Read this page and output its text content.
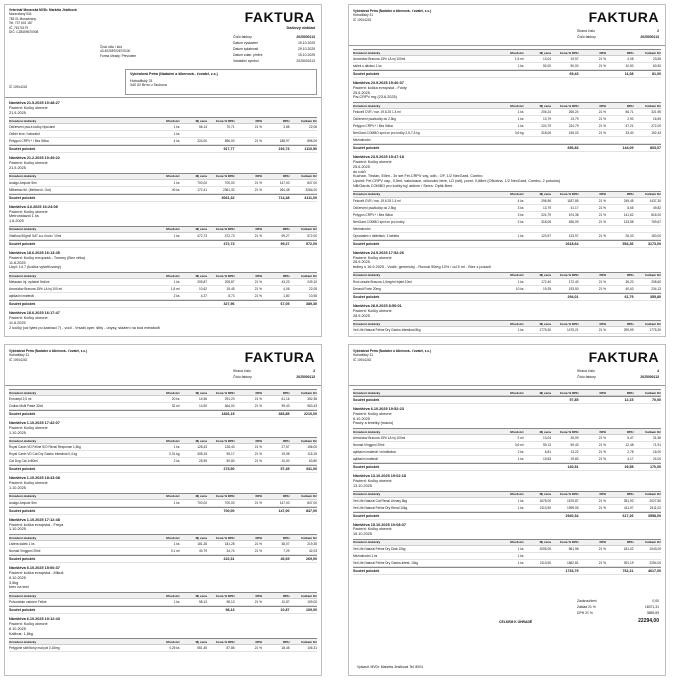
Veterinář Moravská MVDr. Markéta Jiráčková
Moravičany 534
783 01 Moravičany
Tel: 737 601 187
IČ: 76170179
DIČ: CZ8459670008
Číslo účtu / kód
43-4025870267/0100
Forma úhrady: Převodem
FAKTURA
Daňový doklad
Číslo faktury	2025000113
Datum vystavení	15.10.2025
Datum splatnosti	29.10.2025
Datum zdan. plnění	15.10.2025
Variabilní symbol	2025000113
Vybíralová Petra (Nadační a šibenová.. ťovatel, z.s.)
Hobodilský 31
340 02 Brno u Tachova
IČ 10914242
Návštěva 21.5.2025 10:48:27
Pacient: Kočky obecné
21.5.2025
Označení dodávky	Množství	Mj cena	Cena % DPH	DPH	DPH	Celkem Kč
Odčervení psa a kočky čipované	1 ks	56,14	70,71	21 %	3,85	22,06
Odběr krve / laboratoř	1 ks
Pelygon CRPV+ / Bez lůžka	4 ks	224,00	896,00	21 %	188,97	896,00
Součet položek	917,77	192,73	1110,50
Návštěva 21.2.2025 10:49:22
Pacient: Kočky obecné
21.5.2025
Označení dodávky	Množství	Mj cena	Cena % DPH	DPH	DPH	Celkem Kč
Analgo Ampule 5ml	1 ks	700,00	700,00	21 %	147,00	847,00
Milbemax tbl. (Mellow ki. Out)	40 ks	172,41	2361,32	21 %	264,48	3264,00
Součet položek	3061,32	714,48	4111,00
Návštěva 4.6.2025 16:24:08
Pacient: Kočky obecné
Metronidazol 1 ks
1.6.2025
Označení dodávky	Množství	Mj cena	Cena % DPH	DPH	DPH	Celkem Kč
Vitaflora 50gm/l SAT a.s.i bola / 10ml	1 ks	472,73	472,73	21 %	99,27	572,00
Součet položek	472,73	99,27	572,00
Návštěva 18.6.2025 16:13:45
Pacient: Kočky evropská - Tommy (Bez věku)
11.6.2025
Ucpl: 14.7 (kočka vyšetřovaný)
Označení dodávky	Množství	Mj cena	Cena % DPH	DPH	DPH	Celkem Kč
Metacam inj. vydatné 5ml/ml	1 ks	205,87	205,87	21 %	43,23	249,10
Amoxiclav Bravura 15% LA inj 100 ml	1,8 ml	10,62	15,45	21 %	4,06	22,05
aplikační materiál	2 ks	4,37	8,73	21 %	1,80	10,55
Součet položek	327,96	67,05	389,30
Návštěva 18.6.2025 16:17:47
Pacient: Kočky obecné
11.6.2025
2 kočky (od lytes po kastraci 7) - vodí - Vrsabi oper. štíty - únysy, stažení na bod metabolit
Vybíralová Petra (Nadační a šibenová.. ťovatel, z.s.)
Hobodilský 31
IČ 10914242	FAKTURA
Strana číslo	2
Číslo faktury	2025000113
Označení dodávky	Množství	Mj cena	Cena % DPH	DPH	DPH	Celkem Kč
Amoxiclav Bravura 15% LA inj 100ml	1,5 ml	13,04	19,57	21 %	4,08	23,65
sáček s dávkou 1 ks	1 ks	50,00	50,00	21 %	10,50	60,50
Součet položek	69,43	11,08	81,00
Návštěva 23.9.2025 15:40:37
Pacient: kočka evropská - Foxty
25.6.2025
Pal.CRPV mg (23.6.2025)
Označení dodávky	Množství	Mj cena	Cena % DPH	DPH	DPH	Celkem Kč
Felocell CVR / nar. 19.6.25 1.4 ml	1 ks	206,24	265,24	21 %	56,71	321,95
Odčervení psa/kočky do 2.5kg	1 ks	13,79	13,79	21 %	2,90	16,69
Pelygon CRPV+ / Bez lůžka	1 ks	224,79	224,79	21 %	47,21	272,00
NexGard COMBO spot on pro kočky 2,5-7,5 kg	0,6 kg	318,06	159,03	21 %	33,40	192,43
Mezinárodní
Součet položek	656,83	144,09	803,07
Návštěva 23.9.2025 15:47:18
Pacient: Kočky obecné
25.6.2025
do roků
Kuchan, Tristan, Ellen - 3x set Fel.CRPV vay, odb., OF, 1/2 NexGard, Combo
Upoint: Fel.CRPV vay., 0,5ml, vakcinace, očkování bere, LD (wit), pond. 0,68ml (Ofloxina, 1/2 NexGard, Combo, 2 pokulos)
NB/Gards COMBO pro kočky kg' aktivní / Serra. Optik Benr
Označení dodávky	Množství	Mj cena	Cena % DPH	DPH	DPH	Celkem Kč
Felocell CVR / nar. 19.6.25 1.4 ml	4 ks	296,96	1187,85	21 %	249,45	1437,30
Odčervení psa/kočky do 2.5kg	3 ks	13,79	41,17	21 %	8,65	49,82
Pelygon CRPV+ / Bez lůžka	3 ks	224,79	674,38	21 %	141,62	816,00
NexGard COMBO spot on pro kočky	2 ks	318,06	636,09	21 %	133,58	769,67
Mezinárodní
Oprostatex v tabletách, 1 tableta	1 ks	123,97	123,97	21 %	26,03	150,00
Součet položek	2618,64	554,36	3173,00
Návštěva 24.9.2025 17:52:26
Pacient: Kočky obecné
26.9.2025
tedley s 16.9.2025 - Vodič, generický - Roxxal 50mg 10% / od 5 ml - Bixx z pozadí
Označení dodávky	Množství	Mj cena	Cena % DPH	DPH	DPH	Celkem Kč
Roxi-cesale Bravura 1,6mg/ml injekt.10ml	1 ks	172,40	172,40	21 %	36,20	208,60
Dexavit Forte 20mg	10 ks	19,35	193,50	21 %	40,63	234,13
Součet položek	294,01	61,79	355,80
Návštěva 28.9.2025 8:50:01
Pacient: Kočky obecné
28.9.2025
Označení dodávky	Množství	Mj cena	Cena % DPH	DPH	DPH	Celkem Kč
Vet Life Natural Feline Dry Gastro-Intestinal 8kg	1 ks	1775,30	1475,21	21 %	299,99	1775,30
Vybíralová Petra (Nadační a šibenová.. ťovatel, z.s.)
Hobodilský 31
IČ 10914242	FAKTURA
Strana číslo	3
Číslo faktury	2025000113
Označení dodávky	Množství	Mj cena	Cena % DPH	DPH	DPH	Celkem Kč
Enrosept 2,5 ml	20 ks	14,56	291,20	21 %	61,16	352,36
Zodiac Multi Paste 32ml	32 ml	14,50	464,00	21 %	99,43	563,43
Součet položek	1826,15	383,85	2210,00
Návštěva 1.10.2025 17:42:07
Pacient: Kočky obecné
1.10.2025
Označení dodávky	Množství	Mj cena	Cena % DPH	DPH	DPH	Celkem Kč
Royal Canin VD Feline S/O Renal Response 1,5kg	1 ks	128,43	128,43	21 %	27,57	156,00
Royal Canin VD Cat Dry Gastro Intestinal 0,4 kg	0,31 kg	308,15	95,17	21 %	19,98	115,15
Cat Dog Cat 1x80ml	2 ks	25,59	50,80	21 %	10,00	60,80
Součet položek	273,50	57,45	331,00
Návštěva 1.10.2025 18:43:08
Pacient: Kočky obecné
1.10.2025
Označení dodávky	Množství	Mj cena	Cena % DPH	DPH	DPH	Celkem Kč
Analgo Ampule 5ml	1 ks	700,00	700,00	21 %	147,00	847,00
Součet položek	700,00	147,00	847,00
Návštěva 1.10.2025 17:12:48
Pacient: kočka evropská - Freya
1.10.2025
Označení dodávky	Množství	Mj cena	Cena % DPH	DPH	DPH	Celkem Kč
Listera sáček 1 ks	1 ks	181,28	181,28	21 %	38,07	219,35
Nomad Vinggoni 25ml	0,1 ml	40,79	34,74	21 %	7,29	42,03
Součet položek	222,31	46,69	269,00
Návštěva 6.10.2025 15:06:37
Pacient: kočka evropská - Mikuš
6.10.2025
3,5kg
krev na test
Označení dodávky	Množství	Mj cena	Cena % DPH	DPH	DPH	Celkem Kč
Pulvorátum vakcíne Feline	1 ks	98,13	98,13	21 %	10,87	109,00
Součet položek	98,13	10,87	109,00
Návštěva 6.10.2025 19:12:43
Pacient: Kočky obecné
6.10.2025
Kalibus: 1,8kg
Označení dodávky	Množství	Mj cena	Cena % DPH	DPH	DPH	Celkem Kč
Pelygone skříňkový mal pat 0,15mg	0,25 ks	551,45	87,86	21 %	18,45	106,31
Vybíralová Petra (Nadační a šibenová.. ťovatel, z.s.)
Hobodilský 31
IČ 10914242	FAKTURA
Strana číslo	4
Číslo faktury	2025000113
Označení dodávky	Množství	Mj cena	Cena % DPH	DPH	DPH	Celkem Kč
Součet položek	57,85	12,15	70,00
Návštěva 6.10.2025 19:52:23
Pacient: Kočky obecné
6.10.2025
Pacey a šmelky (macio)
Označení dodávky	Množství	Mj cena	Cena % DPH	DPH	DPH	Celkem Kč
Amoxiclav Bravura 15% LA inj 100ml	2 ml	13,04	26,09	21 %	5,47	31,56
Nomad Vinggoni 25ml	0,6 ml	99,13	59,43	21 %	12,48	71,91
aplikační materiál / mirottlaliza	2 ks	6,81	13,22	21 %	2,78	16,00
aplikační materiál	1 ks	19,83	19,83	21 %	4,17	24,00
Součet položek	140,51	29,58	170,00
Návštěva 13.10.2025 19:02:18
Pacient: Kočky obecné
13.10.2025
Označení dodávky	Množství	Mj cena	Cena % DPH	DPH	DPH	Celkem Kč
Vet Life Natural Cat Renal Urinary 8kg	1 ks	1675,00	1675,87	21 %	351,93	2027,80
Vet Life Natural Feline Dry Renal 10kg	1 ks	2113,90	1999,05	21 %	411,97	2411,02
Součet položek	2940,34	617,26	3558,00
Návštěva 15.10.2025 10:08:37
Pacient: Kočky obecné
15.10.2025
Označení dodávky	Množství	Mj cena	Cena % DPH	DPH	DPH	Celkem Kč
Vet Life Natural Feline Dry Diab 10kg	1 ks	2005,05	861,98	21 %	181,02	1043,00
Mezinárodní 1 ks	1 ks
Vet Life Natural Feline Dry Gastro-intest. 10kg	1 ks	2113,90	1862,81	21 %	391,19	2254,00
Součet položek	1733,79	762,21	4617,00
Zaokrouhlení	0,00
Základ 21 %	18371,31
DPH 21 %	3859,69
CELKEM K ÚHRADĚ	22294,00
Vystavil: MVDr. Markéta Jiráčková Tel: 8004
